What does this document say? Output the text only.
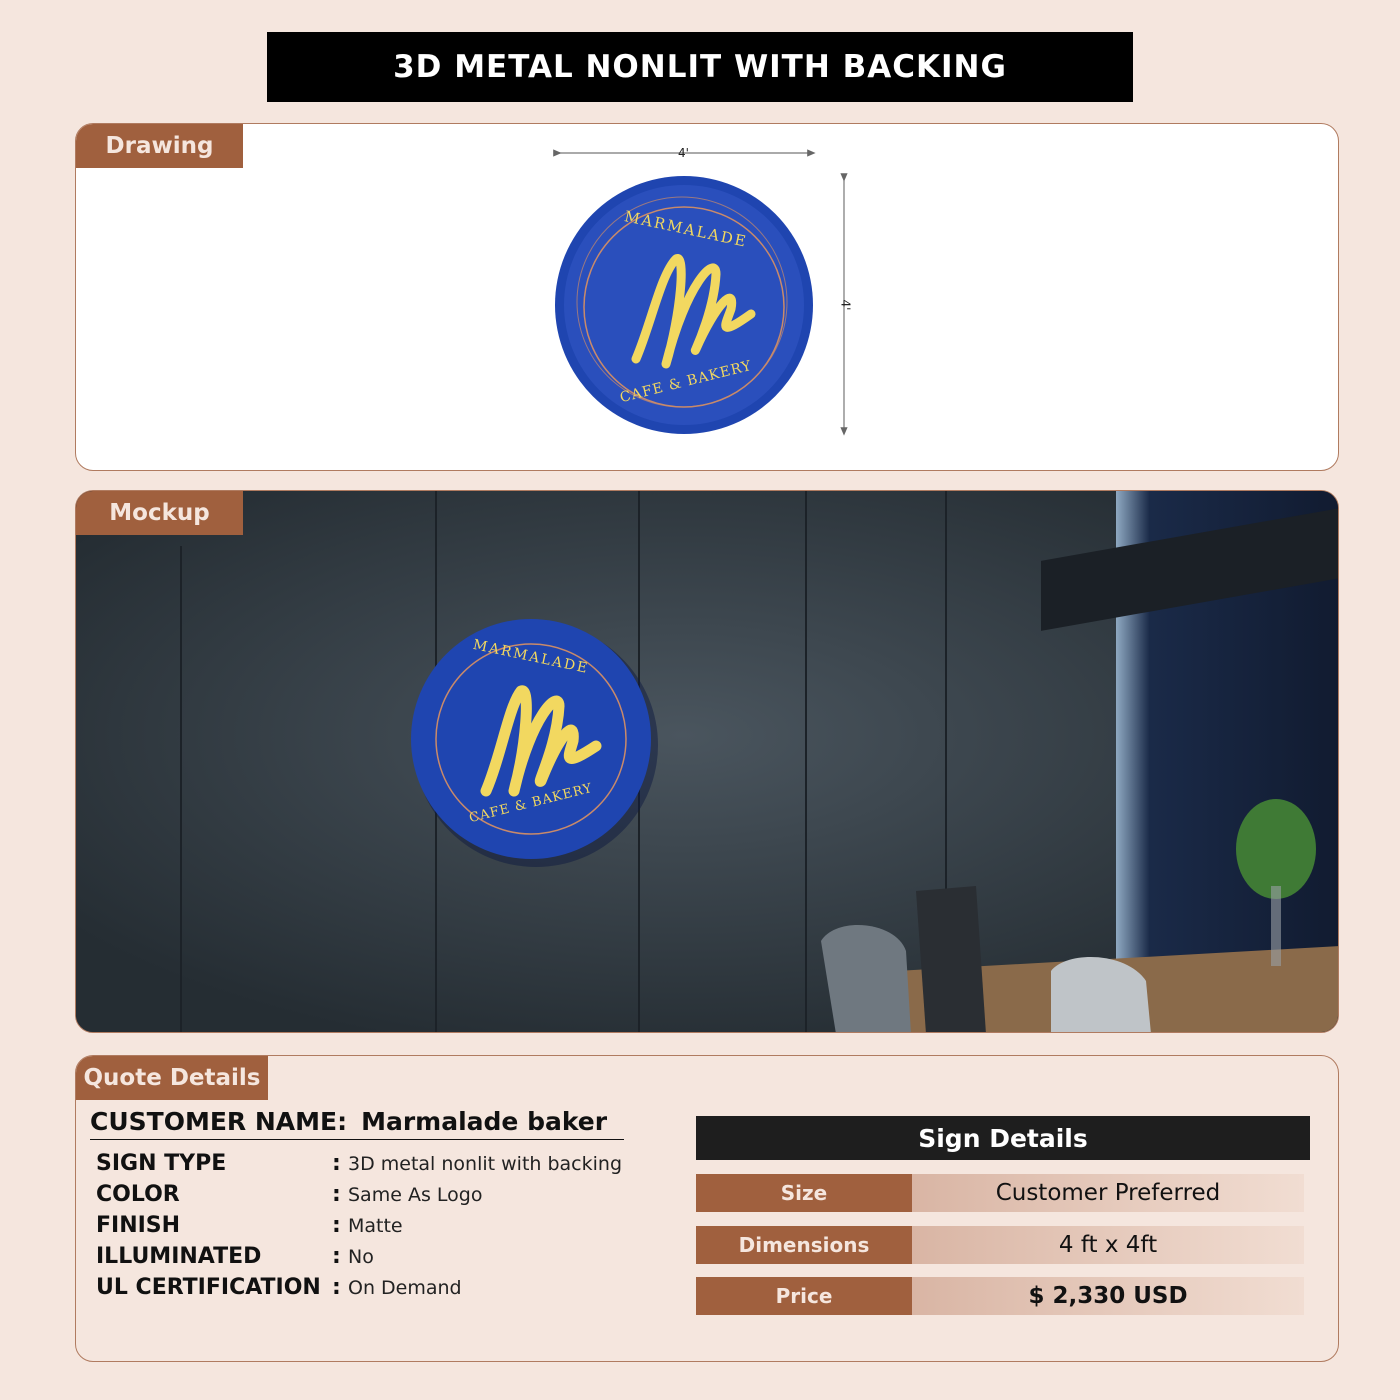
3D METAL NONLIT WITH BACKING
Drawing	4'
4'
MARMALADE
CAFE & BAKERY
Mockup
MARMALADE
CAFE & BAKERY
Quote Details
CUSTOMER NAME: Marmalade baker
SIGN TYPE	: 3D metal nonlit with backing
COLOR	: Same As Logo
FINISH	: Matte
ILLUMINATED	: No
UL CERTIFICATION : On Demand
Sign Details
Size	Customer Preferred
Dimensions	4 ft x 4ft
Price	$ 2,330 USD
